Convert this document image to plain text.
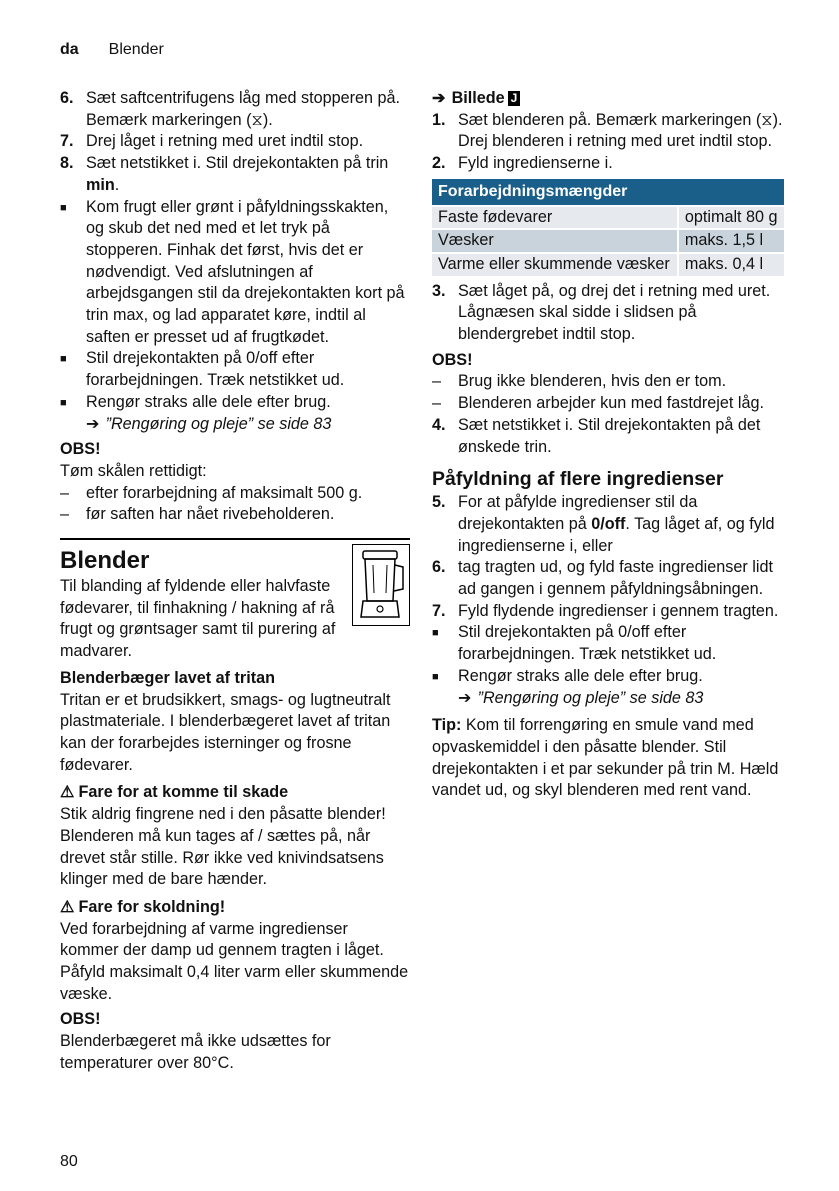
da Blender
6. Sæt saftcentrifugens låg med stopperen på. Bemærk markeringen (⧖).
7. Drej låget i retning med uret indtil stop.
8. Sæt netstikket i. Stil drejekontakten på trin min.
■ Kom frugt eller grønt i påfyldningsskakten, og skub det ned med et let tryk på stopperen. Finhak det først, hvis det er nødvendigt. Ved afslutningen af arbejdsgangen stil da drejekontakten kort på trin max, og lad apparatet køre, indtil al saften er presset ud af frugtkødet.
■ Stil drejekontakten på 0/off efter forarbejdningen. Træk netstikket ud.
■ Rengør straks alle dele efter brug.
➔ ”Rengøring og pleje” se side 83

OBS!

Tøm skålen rettidigt:

– efter forarbejdning af maksimalt 500 g.
– før saften har nået rivebeholderen.

Blender

Til blanding af fyldende eller halvfaste fødevarer, til finhakning / hakning af rå frugt og grøntsager samt til purering af madvarer.

Blenderbæger lavet af tritan

Tritan er et brudsikkert, smags- og lugtneutralt plastmateriale. I blenderbægeret lavet af tritan kan der forarbejdes isterninger og frosne fødevarer.

⚠ Fare for at komme til skade

Stik aldrig fingrene ned i den påsatte blender! Blenderen må kun tages af / sættes på, når drevet står stille. Rør ikke ved knivindsatsens klinger med de bare hænder.

⚠ Fare for skoldning!

Ved forarbejdning af varme ingredienser kommer der damp ud gennem tragten i låget. Påfyld maksimalt 0,4 liter varm eller skummende væske.

OBS!

Blenderbægeret må ikke udsættes for temperaturer over 80°C.

➔ Billede J

1. Sæt blenderen på. Bemærk markeringen (⧖). Drej blenderen i retning med uret indtil stop.
2. Fyld ingredienserne i.
Forarbejdningsmængder	
Faste fødevarer	optimalt 80 g
Væsker	maks. 1,5 l
Varme eller skummende væsker	maks. 0,4 l
3. Sæt låget på, og drej det i retning med uret. Lågnæsen skal sidde i slidsen på blendergrebet indtil stop.

OBS!

– Brug ikke blenderen, hvis den er tom.
– Blenderen arbejder kun med fastdrejet låg.
4. Sæt netstikket i. Stil drejekontakten på det ønskede trin.

Påfyldning af flere ingredienser

5. For at påfylde ingredienser stil da drejekontakten på 0/off. Tag låget af, og fyld ingredienserne i, eller
6. tag tragten ud, og fyld faste ingredienser lidt ad gangen i gennem påfyldningsåbningen.
7. Fyld flydende ingredienser i gennem tragten.
■ Stil drejekontakten på 0/off efter forarbejdningen. Træk netstikket ud.
■ Rengør straks alle dele efter brug.
➔ ”Rengøring og pleje” se side 83

Tip: Kom til forrengøring en smule vand med opvaskemiddel i den påsatte blender. Stil drejekontakten i et par sekunder på trin M. Hæld vandet ud, og skyl blenderen med rent vand.

80
